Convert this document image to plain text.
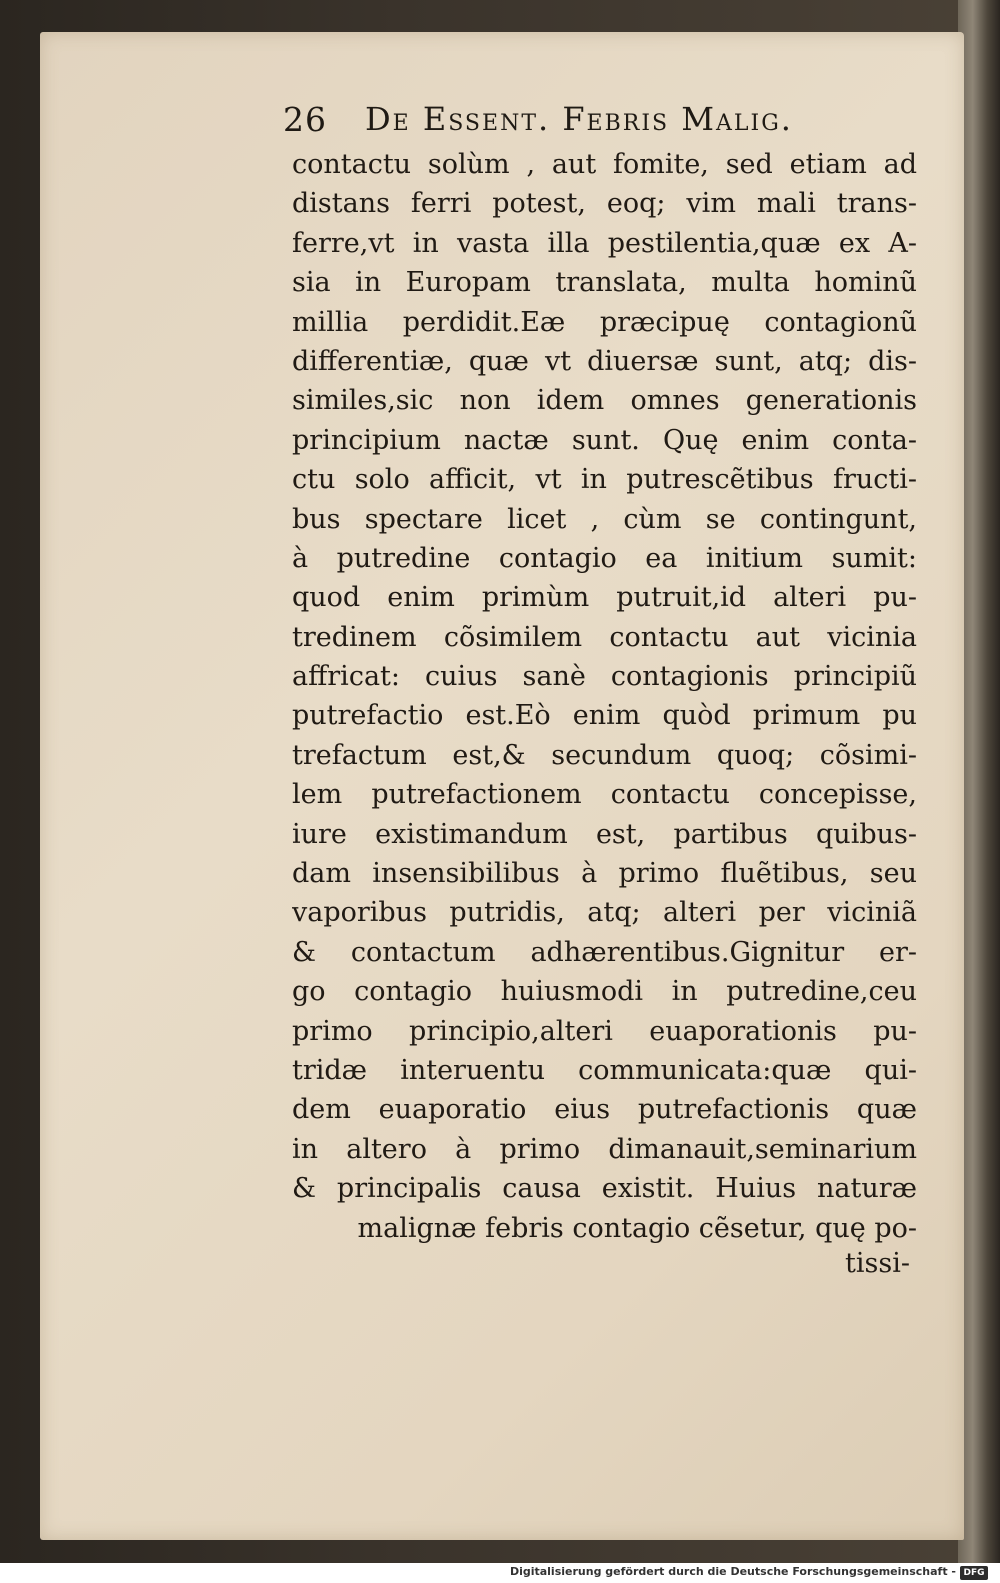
26 De Essent. Febris Malig.
contactu solùm , aut fomite, sed etiam ad
distans ferri potest, eoq; vim mali trans-
ferre,vt in vasta illa pestilentia,quæ ex A-
sia in Europam translata, multa hominũ
millia perdidit.Eæ præcipuę contagionũ
differentiæ, quæ vt diuersæ sunt, atq; dis-
similes,sic non idem omnes generationis
principium nactæ sunt. Quę enim conta-
ctu solo afficit, vt in putrescẽtibus fructi-
bus spectare licet , cùm se contingunt,
à putredine contagio ea initium sumit:
quod enim primùm putruit,id alteri pu-
tredinem cõsimilem contactu aut vicinia
affricat: cuius sanè contagionis principiũ
putrefactio est.Eò enim quòd primum pu
trefactum est,& secundum quoq; cõsimi-
lem putrefactionem contactu concepisse,
iure existimandum est, partibus quibus-
dam insensibilibus à primo fluẽtibus, seu
vaporibus putridis, atq; alteri per viciniã
& contactum adhærentibus.Gignitur er-
go contagio huiusmodi in putredine,ceu
primo principio,alteri euaporationis pu-
tridæ interuentu communicata:quæ qui-
dem euaporatio eius putrefactionis quæ
in altero à primo dimanauit,seminarium
& principalis causa existit. Huius naturæ
malignæ febris contagio cẽsetur, quę po-
tissi-
Digitalisierung gefördert durch die Deutsche Forschungsgemeinschaft - DFG
